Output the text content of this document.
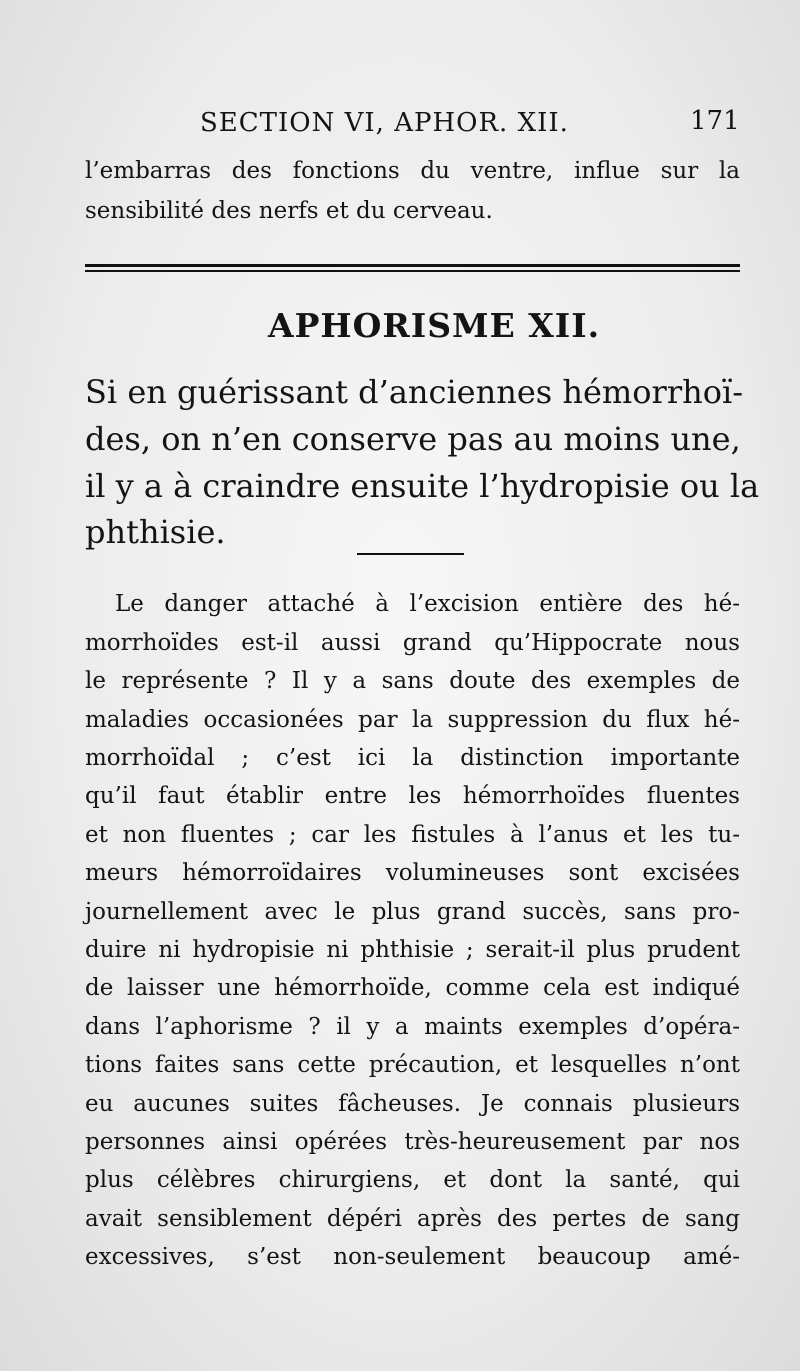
SECTION VI, APHOR. XII.	171
l’embarras des fonctions du ventre, influe sur la
sensibilité des nerfs et du cerveau.
APHORISME XII.
Si en guérissant d’anciennes hémorrhoï-
des, on n’en conserve pas au moins une,
il y a à craindre ensuite l’hydropisie ou la
phthisie.
Le danger attaché à l’excision entière des hé-
morrhoïdes est-il aussi grand qu’Hippocrate nous
le représente ? Il y a sans doute des exemples de
maladies occasionées par la suppression du flux hé-
morrhoïdal ; c’est ici la distinction importante
qu’il faut établir entre les hémorrhoïdes fluentes
et non fluentes ; car les fistules à l’anus et les tu-
meurs hémorroïdaires volumineuses sont excisées
journellement avec le plus grand succès, sans pro-
duire ni hydropisie ni phthisie ; serait-il plus prudent
de laisser une hémorrhoïde, comme cela est indiqué
dans l’aphorisme ? il y a maints exemples d’opéra-
tions faites sans cette précaution, et lesquelles n’ont
eu aucunes suites fâcheuses. Je connais plusieurs
personnes ainsi opérées très-heureusement par nos
plus célèbres chirurgiens, et dont la santé, qui
avait sensiblement dépéri après des pertes de sang
excessives, s’est non-seulement beaucoup amé-
